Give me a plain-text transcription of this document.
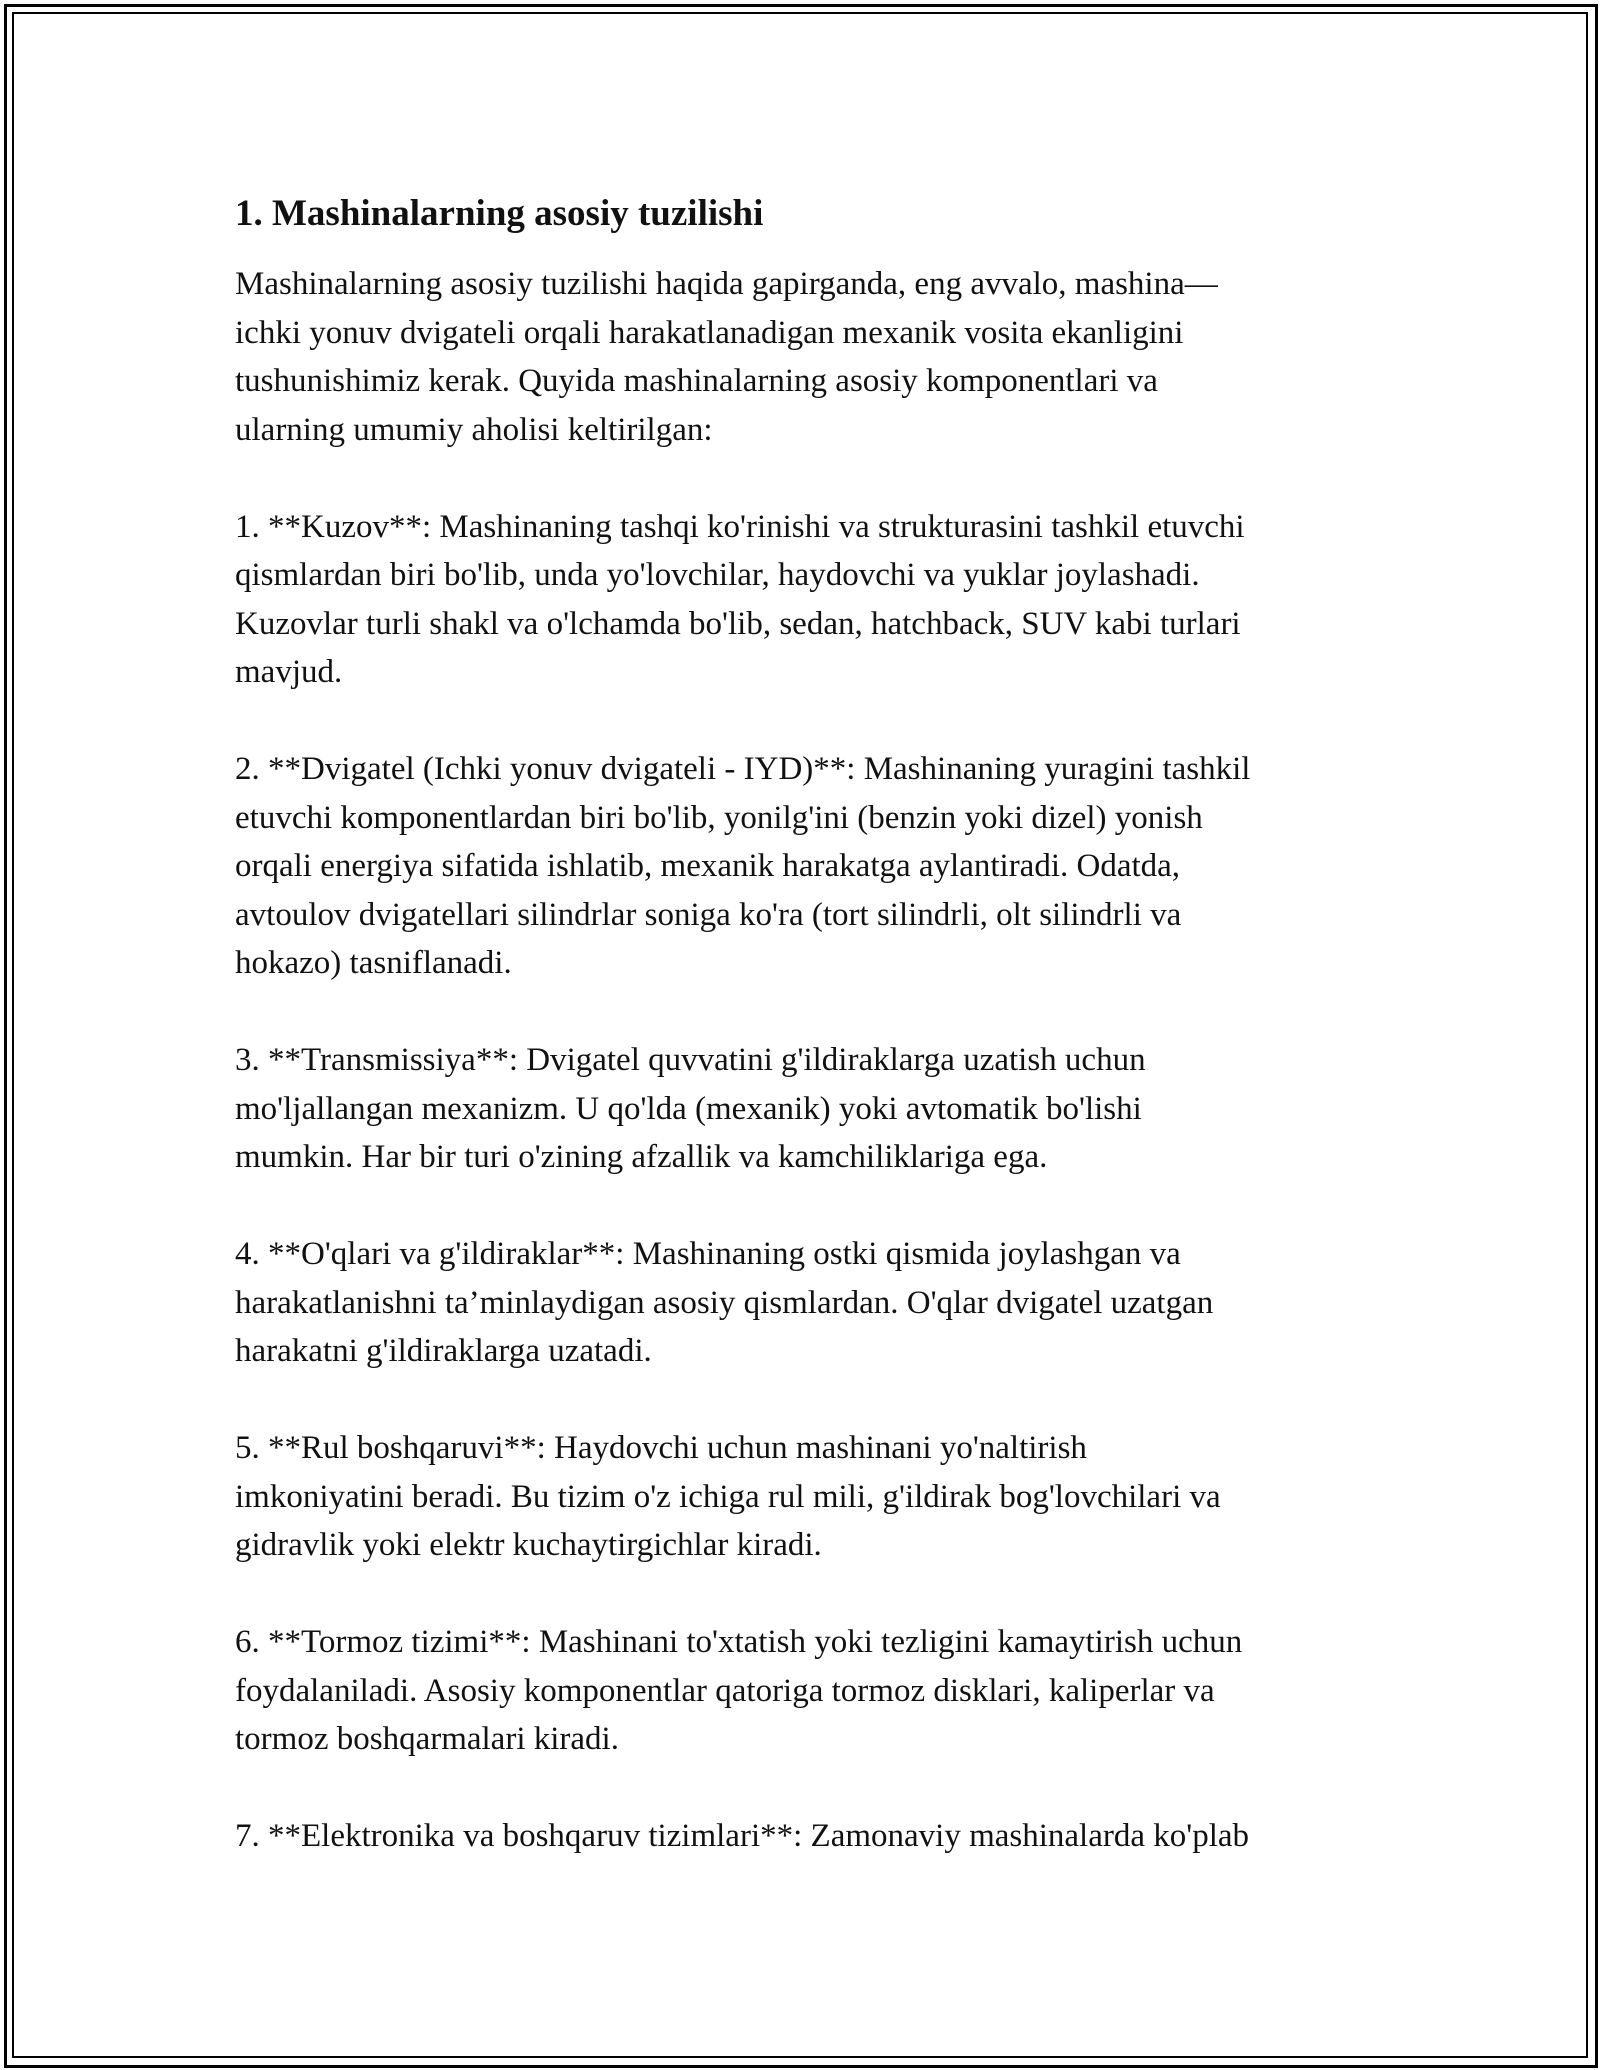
1. Mashinalarning asosiy tuzilishi

Mashinalarning asosiy tuzilishi haqida gapirganda, eng avvalo, mashina—
ichki yonuv dvigateli orqali harakatlanadigan mexanik vosita ekanligini
tushunishimiz kerak. Quyida mashinalarning asosiy komponentlari va
ularning umumiy aholisi keltirilgan:

1. **Kuzov**: Mashinaning tashqi ko'rinishi va strukturasini tashkil etuvchi
qismlardan biri bo'lib, unda yo'lovchilar, haydovchi va yuklar joylashadi.
Kuzovlar turli shakl va o'lchamda bo'lib, sedan, hatchback, SUV kabi turlari
mavjud.

2. **Dvigatel (Ichki yonuv dvigateli - IYD)**: Mashinaning yuragini tashkil
etuvchi komponentlardan biri bo'lib, yonilg'ini (benzin yoki dizel) yonish
orqali energiya sifatida ishlatib, mexanik harakatga aylantiradi. Odatda,
avtoulov dvigatellari silindrlar soniga ko'ra (tort silindrli, olt silindrli va
hokazo) tasniflanadi.

3. **Transmissiya**: Dvigatel quvvatini g'ildiraklarga uzatish uchun
mo'ljallangan mexanizm. U qo'lda (mexanik) yoki avtomatik bo'lishi
mumkin. Har bir turi o'zining afzallik va kamchiliklariga ega.

4. **O'qlari va g'ildiraklar**: Mashinaning ostki qismida joylashgan va
harakatlanishni ta’minlaydigan asosiy qismlardan. O'qlar dvigatel uzatgan
harakatni g'ildiraklarga uzatadi.

5. **Rul boshqaruvi**: Haydovchi uchun mashinani yo'naltirish
imkoniyatini beradi. Bu tizim o'z ichiga rul mili, g'ildirak bog'lovchilari va
gidravlik yoki elektr kuchaytirgichlar kiradi.

6. **Tormoz tizimi**: Mashinani to'xtatish yoki tezligini kamaytirish uchun
foydalaniladi. Asosiy komponentlar qatoriga tormoz disklari, kaliperlar va
tormoz boshqarmalari kiradi.

7. **Elektronika va boshqaruv tizimlari**: Zamonaviy mashinalarda ko'plab
